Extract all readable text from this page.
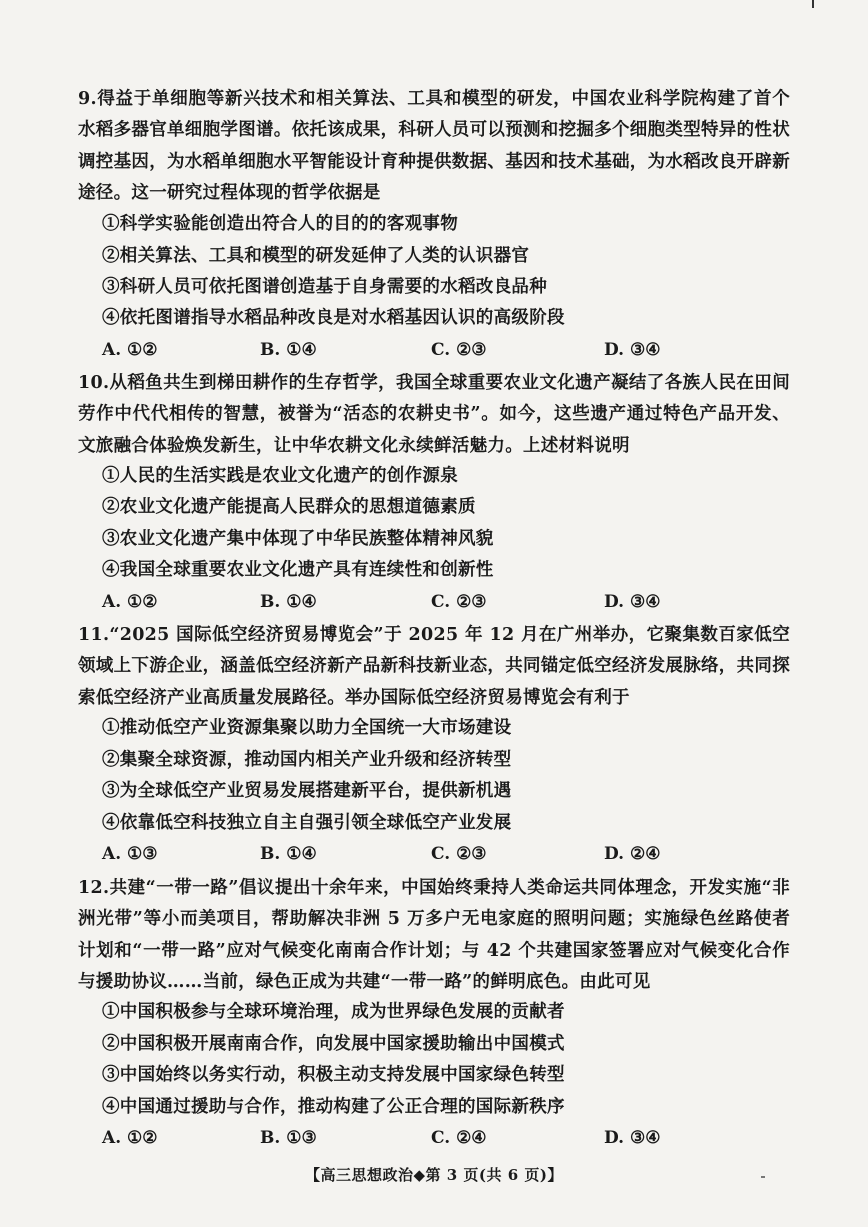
9.得益于单细胞等新兴技术和相关算法、工具和模型的研发，中国农业科学院构建了首个水稻多器官单细胞学图谱。依托该成果，科研人员可以预测和挖掘多个细胞类型特异的性状调控基因，为水稻单细胞水平智能设计育种提供数据、基因和技术基础，为水稻改良开辟新途径。这一研究过程体现的哲学依据是
①科学实验能创造出符合人的目的的客观事物
②相关算法、工具和模型的研发延伸了人类的认识器官
③科研人员可依托图谱创造基于自身需要的水稻改良品种
④依托图谱指导水稻品种改良是对水稻基因认识的高级阶段
A. ①②	B. ①④	C. ②③	D. ③④
10.从稻鱼共生到梯田耕作的生存哲学，我国全球重要农业文化遗产凝结了各族人民在田间劳作中代代相传的智慧，被誉为“活态的农耕史书”。如今，这些遗产通过特色产品开发、文旅融合体验焕发新生，让中华农耕文化永续鲜活魅力。上述材料说明
①人民的生活实践是农业文化遗产的创作源泉
②农业文化遗产能提高人民群众的思想道德素质
③农业文化遗产集中体现了中华民族整体精神风貌
④我国全球重要农业文化遗产具有连续性和创新性
A. ①②	B. ①④	C. ②③	D. ③④
11.“2025 国际低空经济贸易博览会”于 2025 年 12 月在广州举办，它聚集数百家低空领域上下游企业，涵盖低空经济新产品新科技新业态，共同锚定低空经济发展脉络，共同探索低空经济产业高质量发展路径。举办国际低空经济贸易博览会有利于
①推动低空产业资源集聚以助力全国统一大市场建设
②集聚全球资源，推动国内相关产业升级和经济转型
③为全球低空产业贸易发展搭建新平台，提供新机遇
④依靠低空科技独立自主自强引领全球低空产业发展
A. ①③	B. ①④	C. ②③	D. ②④
12.共建“一带一路”倡议提出十余年来，中国始终秉持人类命运共同体理念，开发实施“非洲光带”等小而美项目，帮助解决非洲 5 万多户无电家庭的照明问题；实施绿色丝路使者计划和“一带一路”应对气候变化南南合作计划；与 42 个共建国家签署应对气候变化合作与援助协议……当前，绿色正成为共建“一带一路”的鲜明底色。由此可见
①中国积极参与全球环境治理，成为世界绿色发展的贡献者
②中国积极开展南南合作，向发展中国家援助输出中国模式
③中国始终以务实行动，积极主动支持发展中国家绿色转型
④中国通过援助与合作，推动构建了公正合理的国际新秩序
A. ①②	B. ①③	C. ②④	D. ③④
【高三思想政治◆第 3 页(共 6 页)】
